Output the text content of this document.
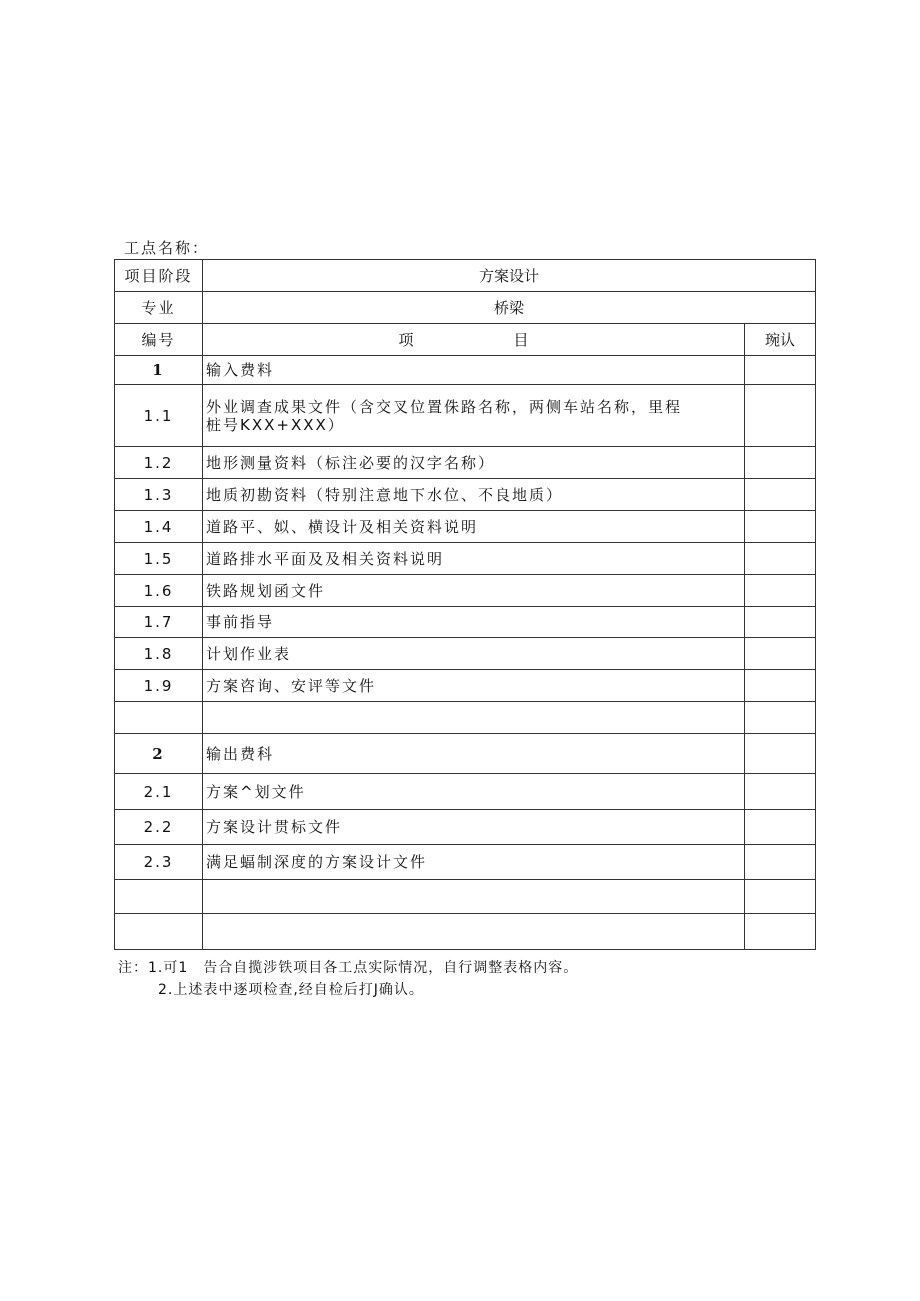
工点名称：
项目阶段	方案设计	
专业	桥梁	
编号	项 目	琬认
1	输入费料	
1.1	外业调查成果文件（含交叉位置侏路名称，两侧车站名称，里程
桩号KXX+XXX）	

1.2	地形测量资料（标注必要的汉字名称）	
1.3	地质初勘资料（特别注意地下水位、不良地质）	
1.4	道路平、姒、横设计及相关资料说明	
1.5	道路排水平面及及相关资料说明	
1.6	铁路规划函文件	
1.7	事前指导	
1.8	计划作业表	
1.9	方案咨询、安评等文件	

2	输出费科	
2.1	方案^划文件	
2.2	方案设计贯标文件	
2.3	满足蝠制深度的方案设计文件	

注：1.可1　告合自揽涉铁项目各工点实际情况，自行调整表格内容。
2.上述表中逐项检查,经自检后打J确认。
